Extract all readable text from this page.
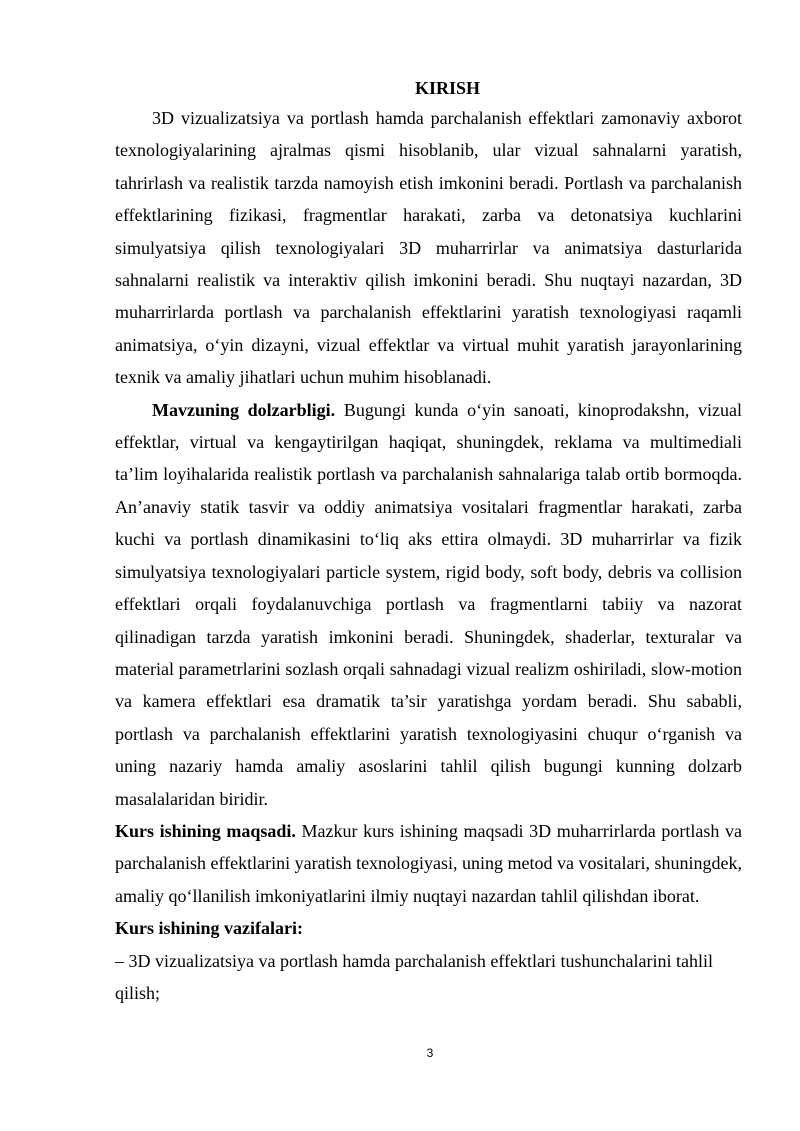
KIRISH

3D vizualizatsiya va portlash hamda parchalanish effektlari zamonaviy axborot texnologiyalarining ajralmas qismi hisoblanib, ular vizual sahnalarni yaratish, tahrirlash va realistik tarzda namoyish etish imkonini beradi. Portlash va parchalanish effektlarining fizikasi, fragmentlar harakati, zarba va detonatsiya kuchlarini simulyatsiya qilish texnologiyalari 3D muharrirlar va animatsiya dasturlarida sahnalarni realistik va interaktiv qilish imkonini beradi. Shu nuqtayi nazardan, 3D muharrirlarda portlash va parchalanish effektlarini yaratish texnologiyasi raqamli animatsiya, o‘yin dizayni, vizual effektlar va virtual muhit yaratish jarayonlarining texnik va amaliy jihatlari uchun muhim hisoblanadi.

Mavzuning dolzarbligi. Bugungi kunda o‘yin sanoati, kinoprodakshn, vizual effektlar, virtual va kengaytirilgan haqiqat, shuningdek, reklama va multimediali ta’lim loyihalarida realistik portlash va parchalanish sahnalariga talab ortib bormoqda. An’anaviy statik tasvir va oddiy animatsiya vositalari fragmentlar harakati, zarba kuchi va portlash dinamikasini to‘liq aks ettira olmaydi. 3D muharrirlar va fizik simulyatsiya texnologiyalari particle system, rigid body, soft body, debris va collision effektlari orqali foydalanuvchiga portlash va fragmentlarni tabiiy va nazorat qilinadigan tarzda yaratish imkonini beradi. Shuningdek, shaderlar, texturalar va material parametrlarini sozlash orqali sahnadagi vizual realizm oshiriladi, slow-motion va kamera effektlari esa dramatik ta’sir yaratishga yordam beradi. Shu sababli, portlash va parchalanish effektlarini yaratish texnologiyasini chuqur o‘rganish va uning nazariy hamda amaliy asoslarini tahlil qilish bugungi kunning dolzarb masalalaridan biridir.

Kurs ishining maqsadi. Mazkur kurs ishining maqsadi 3D muharrirlarda portlash va parchalanish effektlarini yaratish texnologiyasi, uning metod va vositalari, shuningdek, amaliy qo‘llanilish imkoniyatlarini ilmiy nuqtayi nazardan tahlil qilishdan iborat.

Kurs ishining vazifalari:

– 3D vizualizatsiya va portlash hamda parchalanish effektlari tushunchalarini tahlil qilish;

3
